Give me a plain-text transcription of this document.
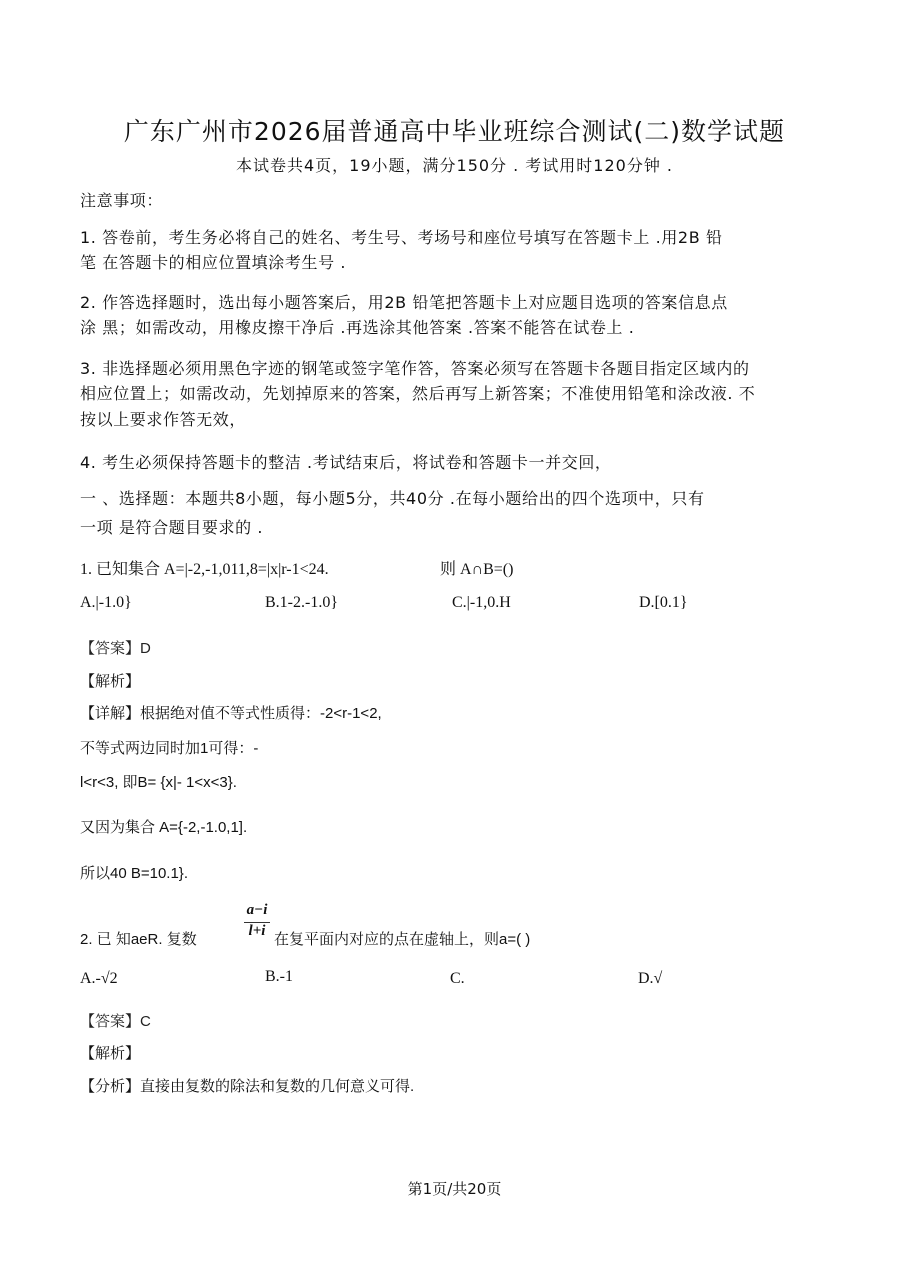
广东广州市2026届普通高中毕业班综合测试(二)数学试题
本试卷共4页，19小题，满分150分 . 考试用时120分钟 .
注意事项：
1. 答卷前，考生务必将自己的姓名、考生号、考场号和座位号填写在答题卡上 .用2B 铅
笔 在答题卡的相应位置填涂考生号 .
2. 作答选择题时，选出每小题答案后，用2B 铅笔把答题卡上对应题目选项的答案信息点
涂 黑；如需改动，用橡皮擦干净后 .再选涂其他答案 .答案不能答在试卷上 .
3. 非选择题必须用黑色字迹的钢笔或签字笔作答，答案必须写在答题卡各题目指定区域内的
相应位置上；如需改动，先划掉原来的答案，然后再写上新答案；不准使用铅笔和涂改液. 不
按以上要求作答无效，
4. 考生必须保持答题卡的整洁 .考试结束后，将试卷和答题卡一并交回，
一 、选择题：本题共8小题，每小题5分，共40分 .在每小题给出的四个选项中，只有
一项 是符合题目要求的 .
1. 已知集合 A=|-2,-1,011,8=|x|r-1<24.	则 A∩B=()
A.|-1.0}	B.1-2.-1.0}	C.|-1,0.H	D.[0.1}
【答案】D
【解析】
【详解】根据绝对值不等式性质得：-2<r-1<2,
不等式两边同时加1可得：-
l<r<3, 即B= {x|- 1<x<3}.
又因为集合 A={-2,-1.0,1].
所以40 B=10.1}.
2. 已 知aeR. 复数
a−i
l+i 在复平面内对应的点在虚轴上，则a=( )
A.-√2	B.-1	C.	D.√
【答案】C
【解析】
【分析】直接由复数的除法和复数的几何意义可得.
第1页/共20页
